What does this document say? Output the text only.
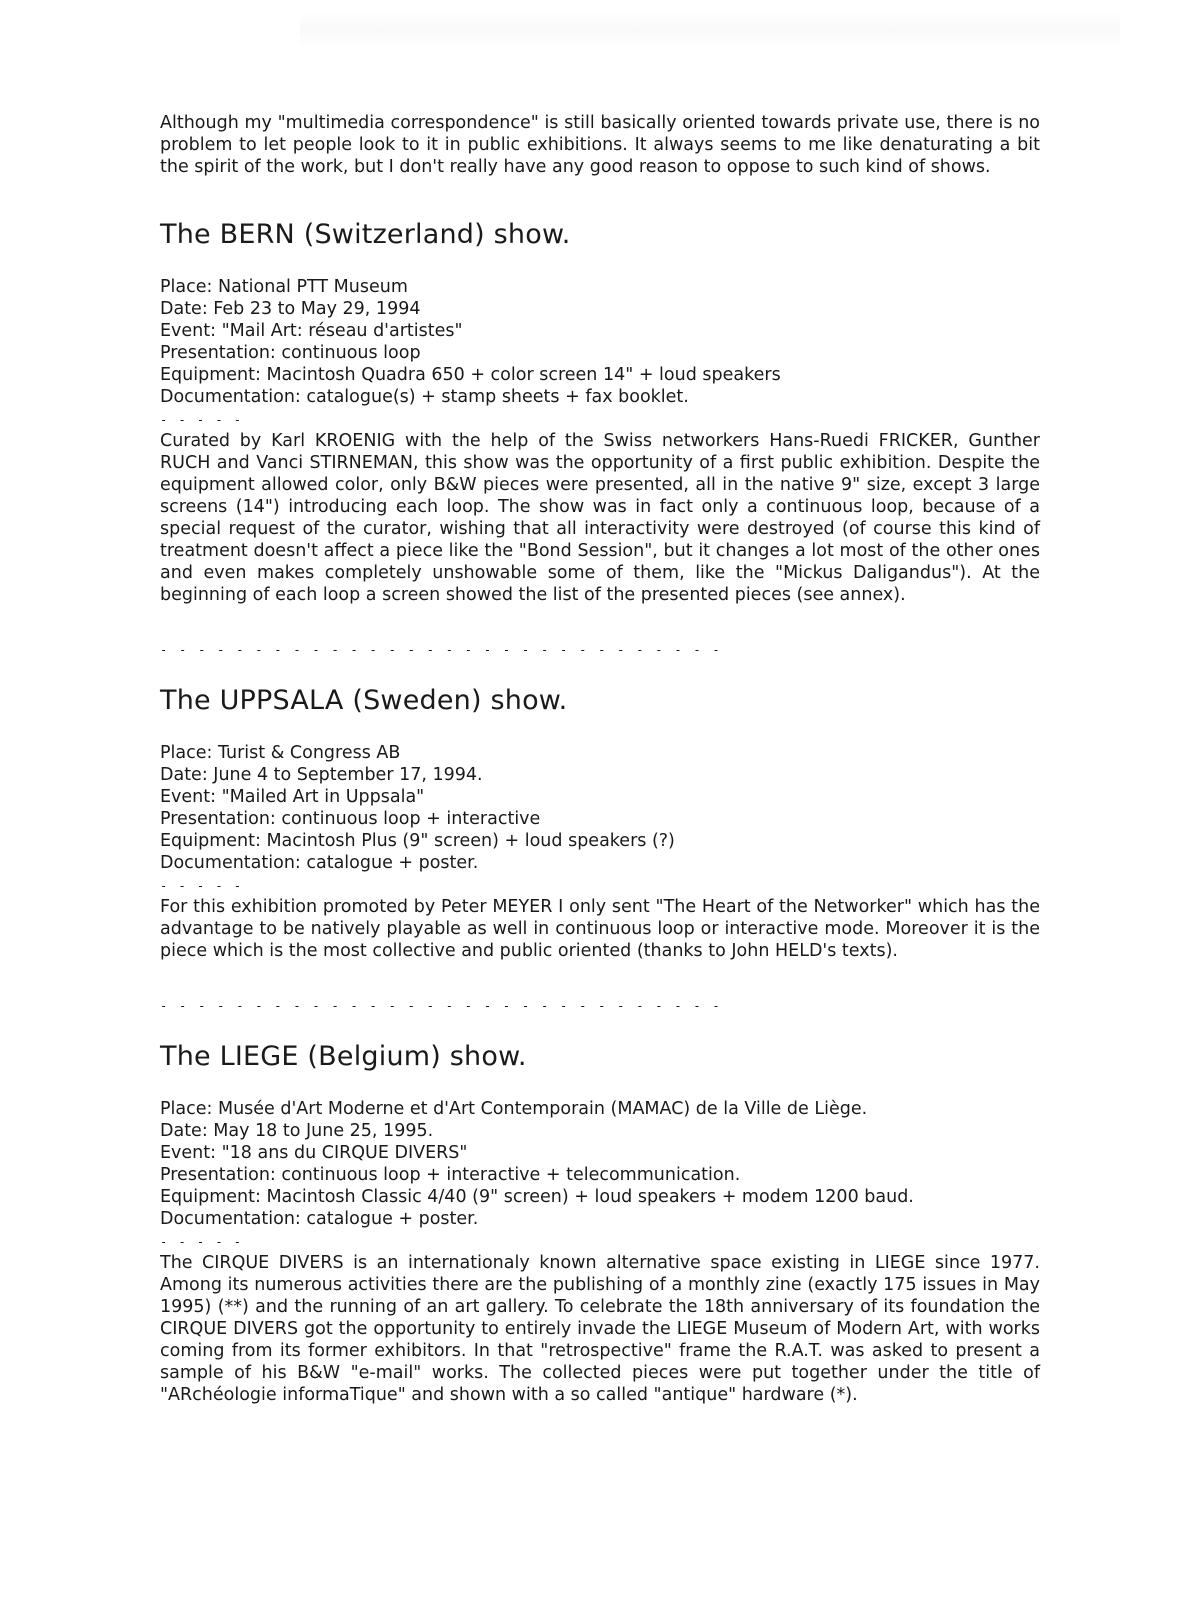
Although my "multimedia correspondence" is still basically oriented towards private use, there is no problem to let people look to it in public exhibitions. It always seems to me like denaturating a bit the spirit of the work, but I don't really have any good reason to oppose to such kind of shows.

The BERN (Switzerland) show.
Place: National PTT Museum
Date: Feb 23 to May 29, 1994
Event: "Mail Art: réseau d'artistes"
Presentation: continuous loop
Equipment: Macintosh Quadra 650 + color screen 14" + loud speakers
Documentation: catalogue(s) + stamp sheets + fax booklet.
- - - - -

Curated by Karl KROENIG with the help of the Swiss networkers Hans-Ruedi FRICKER, Gunther RUCH and Vanci STIRNEMAN, this show was the opportunity of a first public exhibition. Despite the equipment allowed color, only B&W pieces were presented, all in the native 9" size, except 3 large screens (14") introducing each loop. The show was in fact only a continuous loop, because of a special request of the curator, wishing that all interactivity were destroyed (of course this kind of treatment doesn't affect a piece like the "Bond Session", but it changes a lot most of the other ones and even makes completely unshowable some of them, like the "Mickus Daligandus"). At the beginning of each loop a screen showed the list of the presented pieces (see annex).

- - - - - - - - - - - - - - - - - - - - - - - - - - - - - -
The UPPSALA (Sweden) show.
Place: Turist & Congress AB
Date: June 4 to September 17, 1994.
Event: "Mailed Art in Uppsala"
Presentation: continuous loop + interactive
Equipment: Macintosh Plus (9" screen) + loud speakers (?)
Documentation: catalogue + poster.
- - - - -

For this exhibition promoted by Peter MEYER I only sent "The Heart of the Networker" which has the advantage to be natively playable as well in continuous loop or interactive mode. Moreover it is the piece which is the most collective and public oriented (thanks to John HELD's texts).

- - - - - - - - - - - - - - - - - - - - - - - - - - - - - -
The LIEGE (Belgium) show.
Place: Musée d'Art Moderne et d'Art Contemporain (MAMAC) de la Ville de Liège.
Date: May 18 to June 25, 1995.
Event: "18 ans du CIRQUE DIVERS"
Presentation: continuous loop + interactive + telecommunication.
Equipment: Macintosh Classic 4/40 (9" screen) + loud speakers + modem 1200 baud.
Documentation: catalogue + poster.
- - - - -

The CIRQUE DIVERS is an internationaly known alternative space existing in LIEGE since 1977. Among its numerous activities there are the publishing of a monthly zine (exactly 175 issues in May 1995) (**) and the running of an art gallery. To celebrate the 18th anniversary of its foundation the CIRQUE DIVERS got the opportunity to entirely invade the LIEGE Museum of Modern Art, with works coming from its former exhibitors. In that "retrospective" frame the R.A.T. was asked to present a sample of his B&W "e-mail" works. The collected pieces were put together under the title of "ARchéologie informaTique" and shown with a so called "antique" hardware (*).
